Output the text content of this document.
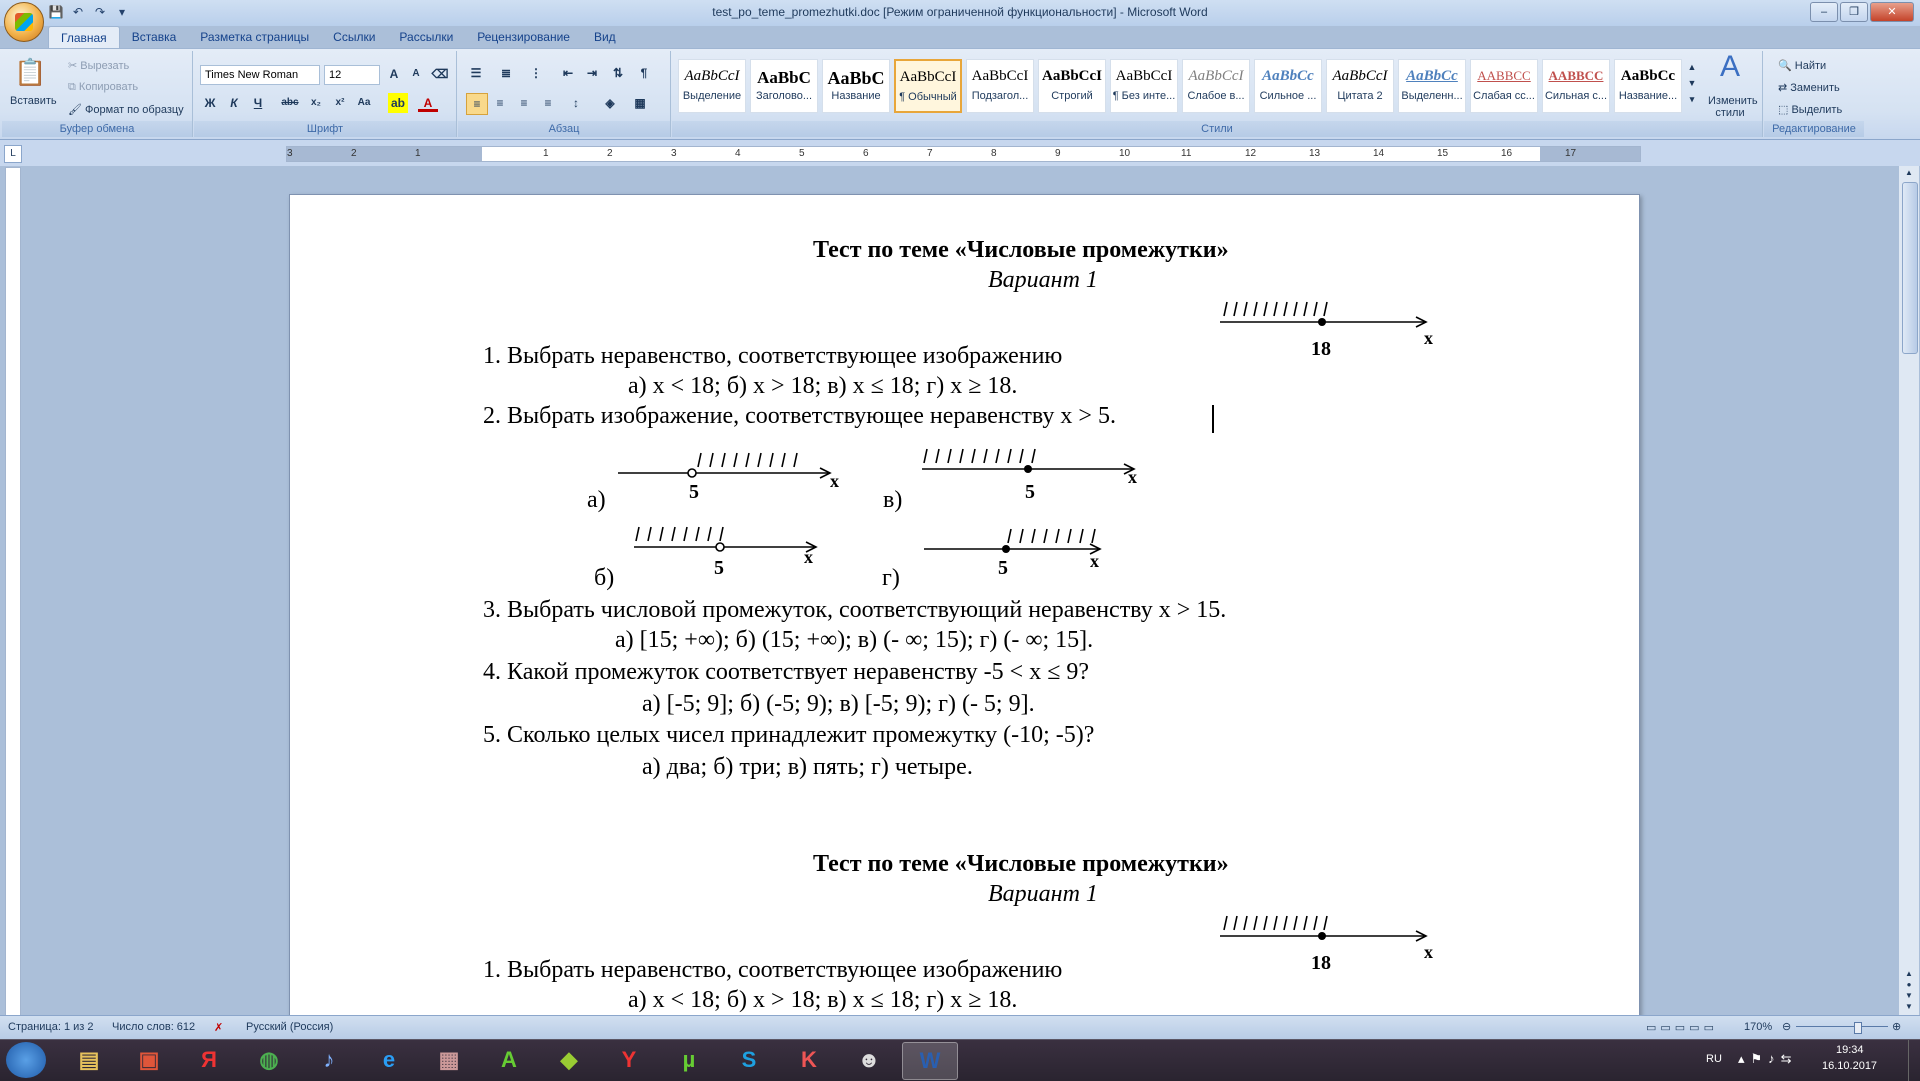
💾 ↶ ↷	▾	test_po_teme_promezhutki.doc [Режим ограниченной функциональности] - Microsoft Word	–	❐	✕
Главная	Вставка	Разметка страницы	Ссылки	Рассылки	Рецензирование	Вид
📋
Вставить
✂ Вырезать
⧉ Копировать
🖌 Формат по образцу
Буфер обмена
Times New Roman	12	A	A ⌫
Ж	К	Ч	abc	x₂	x²	Aa	ab	A
Шрифт
☰	≣	⋮	⇤	⇥	⇅	¶
≡	≡	≡	≡	↕	◈	▦
Абзац
AaBbCcI
Выделение
AaBbC
Заголово...
AaBbC
Название
AaBbCcI
¶ Обычный
AaBbCcI
Подзагол...
AaBbCcI
Строгий
AaBbCcI
¶ Без инте...
AaBbCcI
Слабое в...
AaBbCc
Сильное ...
AaBbCcI
Цитата 2
AaBbCc
Выделенн...
AABBCC
Слабая сс...
AABBCC
Сильная с...
AaBbCc
Название...
▲
▼
▾
A
Изменить стили
Стили
🔍 Найти
⇄ Заменить
⬚ Выделить
Редактирование
L	3	2	1	1	2	3	4	5	6	7	8	9	10	11	12	13	14	15	16	17
Тест по теме «Числовые промежутки»
Вариант 1
18	x
1. Выбрать неравенство, соответствующее изображению
а) x < 18; б) x > 18; в) x ≤ 18; г) x ≥ 18.
2. Выбрать изображение, соответствующее неравенству x > 5.
5	x
а)	5
x
в)
5	x
б)	5	x
г)
3. Выбрать числовой промежуток, соответствующий неравенству x > 15.
а) [15; +∞); б) (15; +∞); в) (- ∞; 15); г) (- ∞; 15].
4. Какой промежуток соответствует неравенству -5 < x ≤ 9?
а) [-5; 9]; б) (-5; 9); в) [-5; 9); г) (- 5; 9].
5. Сколько целых чисел принадлежит промежутку (-10; -5)?
а) два; б) три; в) пять; г) четыре.
Тест по теме «Числовые промежутки»
Вариант 1
18	x
1. Выбрать неравенство, соответствующее изображению
а) x < 18; б) x > 18; в) x ≤ 18; г) x ≥ 18.
▲
▲
●
▼
▼
Страница: 1 из 2 Число слов: 612 ✗ Русский (Россия)	▭▭▭▭▭ 170% ⊖	⊕
▤	▣	Я	◍	♪	e	▦	A	◆	Y	µ	S	K	☻	W	RU ▴⚑♪⇆
19:34
16.10.2017
